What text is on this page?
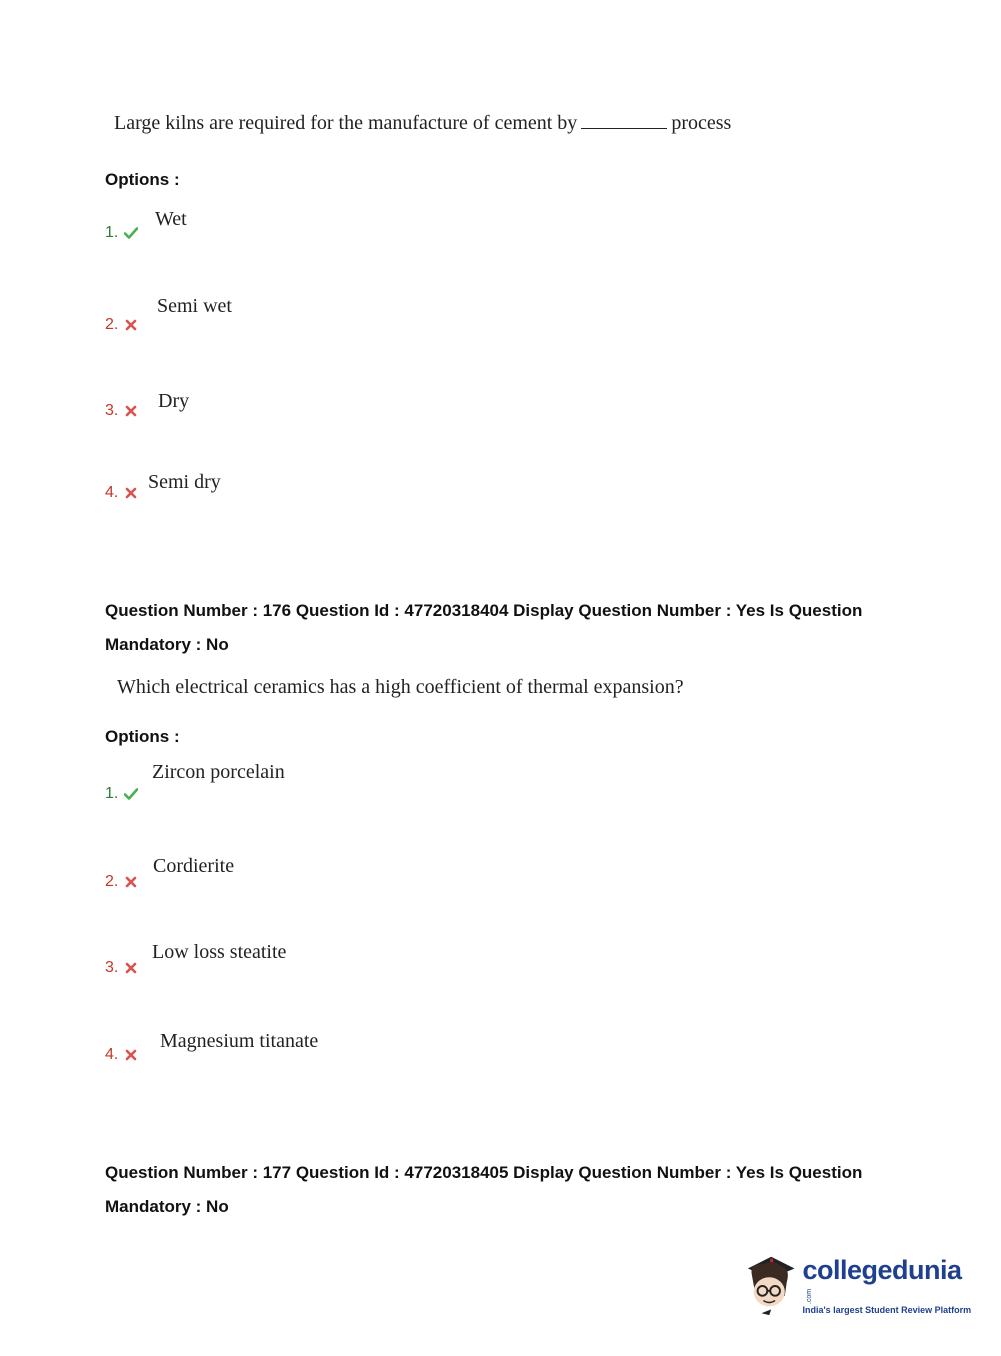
Large kilns are required for the manufacture of cement by	process
Options :
1.
Wet
2.
Semi wet
3. Dry
4. Semi dry
Question Number : 176 Question Id : 47720318404 Display Question Number : Yes Is Question
Mandatory : No
Which electrical ceramics has a high coefficient of thermal expansion?
Options :
1.
Zircon porcelain
2.
Cordierite
3.
Low loss steatite
4.
Magnesium titanate
Question Number : 177 Question Id : 47720318405 Display Question Number : Yes Is Question
Mandatory : No
collegedunia.com
India's largest Student Review Platform
